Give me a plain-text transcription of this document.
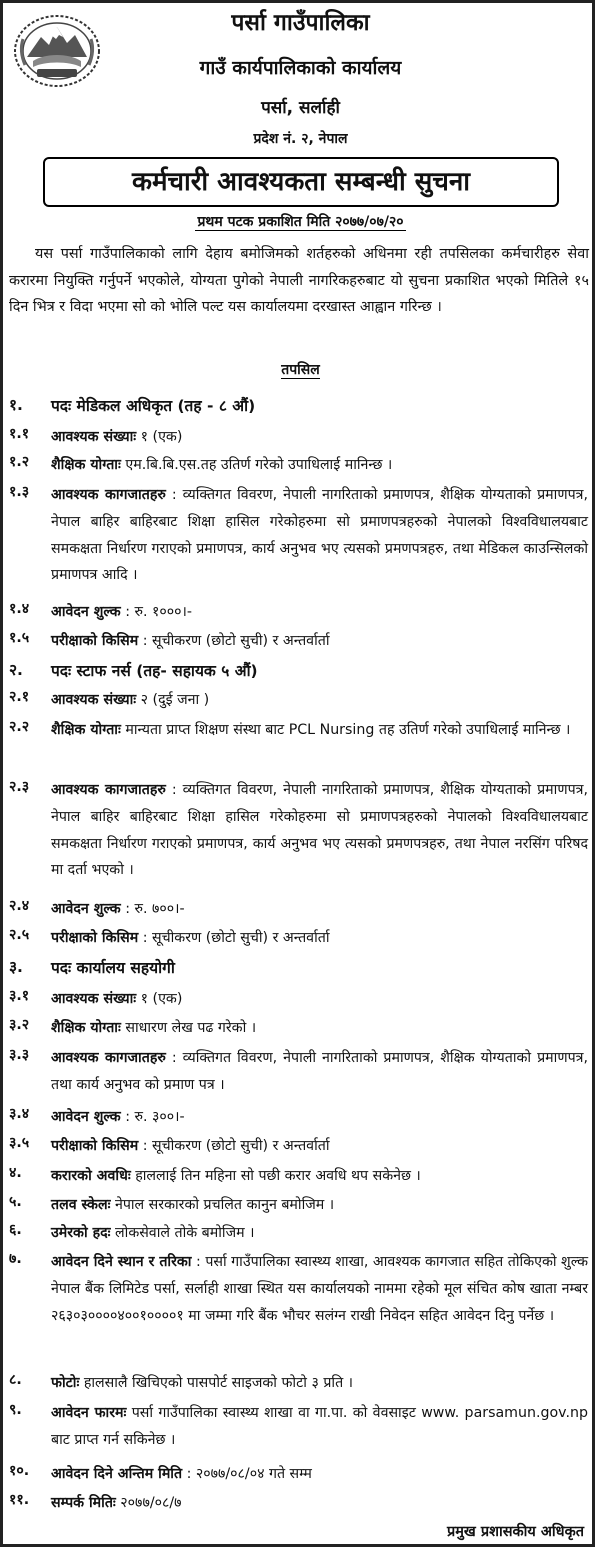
पर्सा गाउँपालिका
गाउँ कार्यपालिकाको कार्यालय
पर्सा, सर्लाही
प्रदेश नं. २, नेपाल
कर्मचारी आवश्यकता सम्बन्धी सुचना
प्रथम पटक प्रकाशित मिति २०७७/०७/२०
यस पर्सा गाउँपालिकाको लागि देहाय बमोजिमको शर्तहरुको अधिनमा रही तपसिलका कर्मचारीहरु सेवा करारमा नियुक्ति गर्नुपर्ने भएकोले, योग्यता पुगेको नेपाली नागरिकहरुबाट यो सुचना प्रकाशित भएको मितिले १५ दिन भित्र र विदा भएमा सो को भोलि पल्ट यस कार्यालयमा दरखास्त आह्वान गरिन्छ ।
तपसिल
१.	पदः मेडिकल अधिकृत (तह - ८ औं)
१.१	आवश्यक संख्याः १ (एक)
१.२	शैक्षिक योग्ताः एम.बि.बि.एस.तह उतिर्ण गरेको उपाधिलाई मानिन्छ ।
१.३	आवश्यक कागजातहरु : व्यक्तिगत विवरण, नेपाली नागरिताको प्रमाणपत्र, शैक्षिक योग्यताको प्रमाणपत्र, नेपाल बाहिर बाहिरबाट शिक्षा हासिल गरेकोहरुमा सो प्रमाणपत्रहरुको नेपालको विश्वविधालयबाट समकक्षता निर्धारण गराएको प्रमाणपत्र, कार्य अनुभव भए त्यसको प्रमणपत्रहरु, तथा मेडिकल काउन्सिलको प्रमाणपत्र आदि ।
१.४	आवेदन शुल्क : रु. १०००।-
१.५	परीक्षाको किसिम : सूचीकरण (छोटो सुची) र अन्तर्वार्ता
२.	पदः स्टाफ नर्स (तह- सहायक ५ औं)
२.१	आवश्यक संख्याः २ (दुई जना )
२.२	शैक्षिक योग्ताः मान्यता प्राप्त शिक्षण संस्था बाट PCL Nursing तह उतिर्ण गरेको उपाधिलाई मानिन्छ ।
२.३	आवश्यक कागजातहरु : व्यक्तिगत विवरण, नेपाली नागरिताको प्रमाणपत्र, शैक्षिक योग्यताको प्रमाणपत्र, नेपाल बाहिर बाहिरबाट शिक्षा हासिल गरेकोहरुमा सो प्रमाणपत्रहरुको नेपालको विश्वविधालयबाट समकक्षता निर्धारण गराएको प्रमाणपत्र, कार्य अनुभव भए त्यसको प्रमणपत्रहरु, तथा नेपाल नरसिंग परिषद मा दर्ता भएको ।
२.४	आवेदन शुल्क : रु. ७००।-
२.५	परीक्षाको किसिम : सूचीकरण (छोटो सुची) र अन्तर्वार्ता
३.	पदः कार्यालय सहयोगी
३.१	आवश्यक संख्याः १ (एक)
३.२	शैक्षिक योग्ताः साधारण लेख पढ गरेको ।
३.३	आवश्यक कागजातहरु : व्यक्तिगत विवरण, नेपाली नागरिताको प्रमाणपत्र, शैक्षिक योग्यताको प्रमाणपत्र, तथा कार्य अनुभव को प्रमाण पत्र ।
३.४	आवेदन शुल्क : रु. ३००।-
३.५	परीक्षाको किसिम : सूचीकरण (छोटो सुची) र अन्तर्वार्ता
४.	करारको अवधिः हाललाई तिन महिना सो पछी करार अवधि थप सकेनेछ ।
५.	तलव स्केलः नेपाल सरकारको प्रचलित कानुन बमोजिम ।
६.	उमेरको हदः लोकसेवाले तोके बमोजिम ।
७.	आवेदन दिने स्थान र तरिका : पर्सा गाउँपालिका स्वास्थ्य शाखा, आवश्यक कागजात सहित तोकिएको शुल्क नेपाल बैंक लिमिटेड पर्सा, सर्लाही शाखा स्थित यस कार्यालयको नाममा रहेको मूल संचित कोष खाता नम्बर २६३०३००००४००१००००१ मा जम्मा गरि बैंक भौचर सलंग्न राखी निवेदन सहित आवेदन दिनु पर्नेछ ।
८.	फोटोः हालसालै खिचिएको पासपोर्ट साइजको फोटो ३ प्रति ।
९.	आवेदन फारमः पर्सा गाउँपालिका स्वास्थ्य शाखा वा गा.पा. को वेवसाइट www. parsamun.gov.np बाट प्राप्त गर्न सकिनेछ ।
१०.	आवेदन दिने अन्तिम मिति : २०७७/०८/०४ गते सम्म
११.	सम्पर्क मितिः २०७७/०८/७
प्रमुख प्रशासकीय अधिकृत
